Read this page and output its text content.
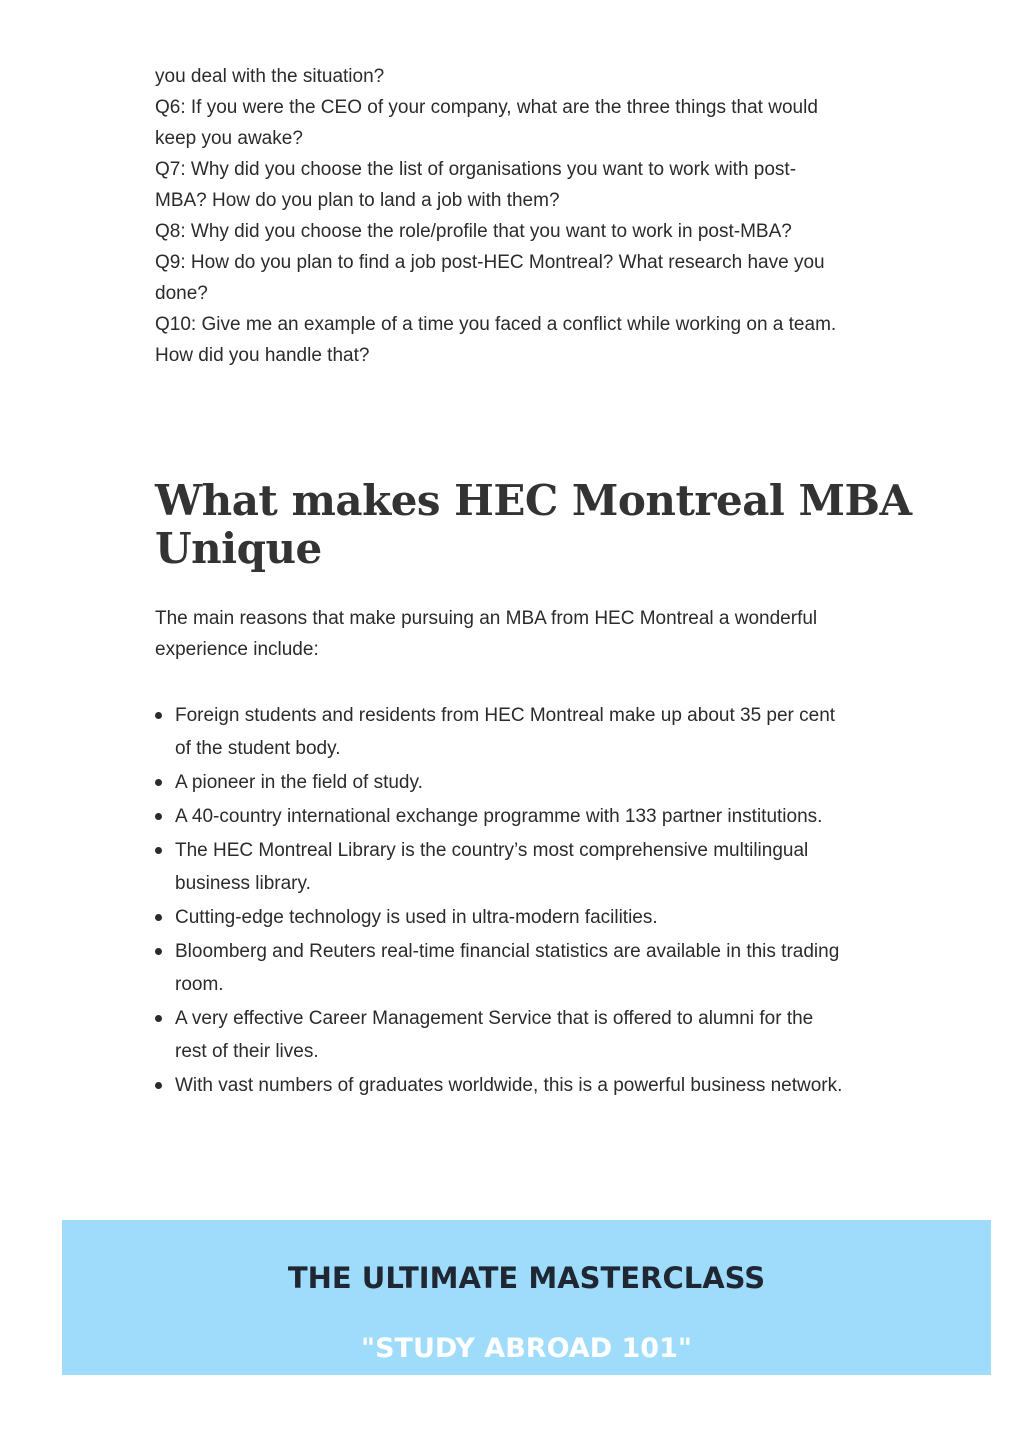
you deal with the situation?

Q6: If you were the CEO of your company, what are the three things that would

keep you awake?

Q7: Why did you choose the list of organisations you want to work with post-

MBA? How do you plan to land a job with them?

Q8: Why did you choose the role/profile that you want to work in post-MBA?

Q9: How do you plan to find a job post-HEC Montreal? What research have you

done?

Q10: Give me an example of a time you faced a conflict while working on a team.

How did you handle that?

What makes HEC Montreal MBA
Unique

The main reasons that make pursuing an MBA from HEC Montreal a wonderful
experience include:

Foreign students and residents from HEC Montreal make up about 35 per cent
of the student body.
A pioneer in the field of study.
A 40-country international exchange programme with 133 partner institutions.
The HEC Montreal Library is the country’s most comprehensive multilingual
business library.
Cutting-edge technology is used in ultra-modern facilities.
Bloomberg and Reuters real-time financial statistics are available in this trading
room.
A very effective Career Management Service that is offered to alumni for the
rest of their lives.
With vast numbers of graduates worldwide, this is a powerful business network.
THE ULTIMATE MASTERCLASS

"STUDY ABROAD 101"
